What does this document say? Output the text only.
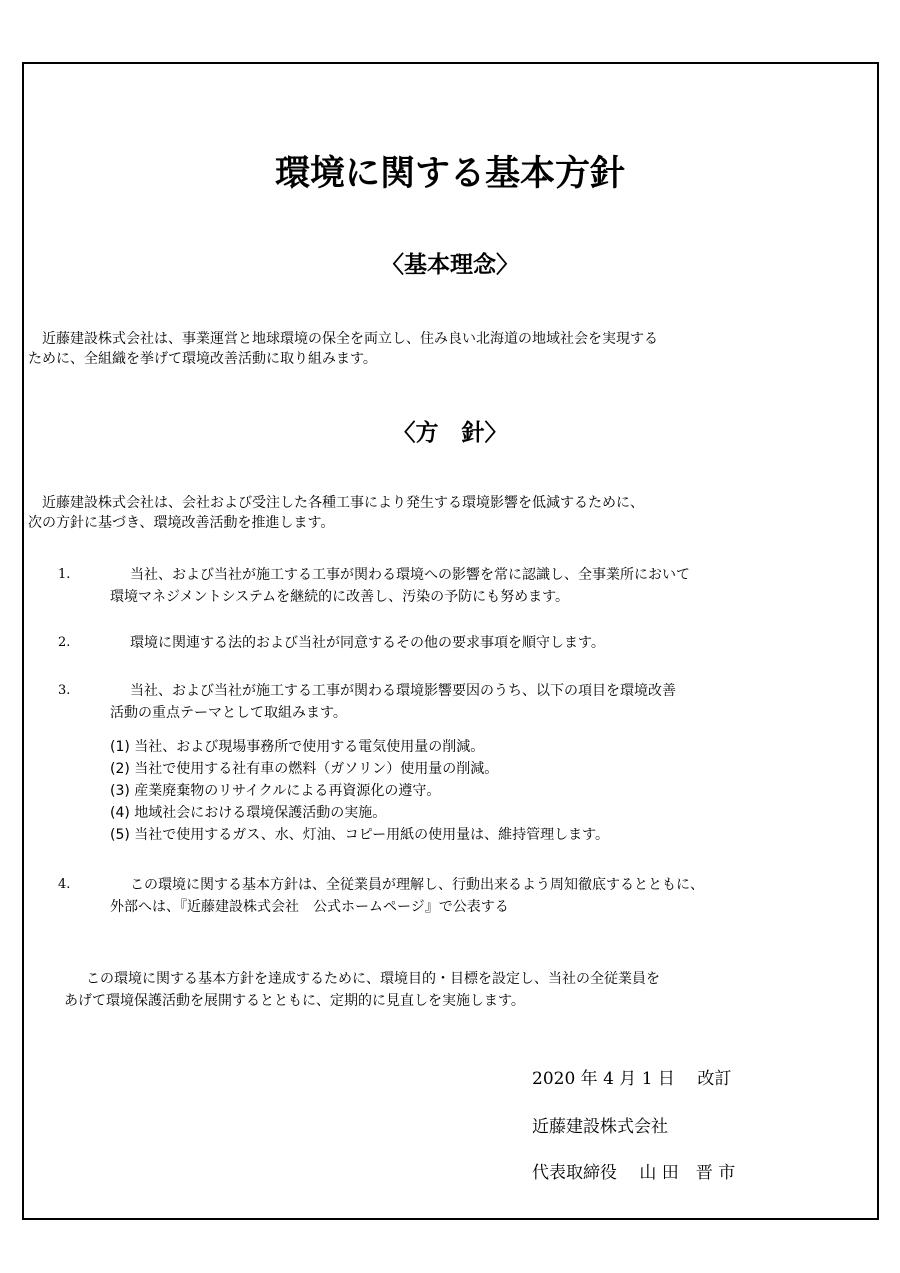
環境に関する基本方針
〈基本理念〉

近藤建設株式会社は、事業運営と地球環境の保全を両立し、住み良い北海道の地域社会を実現する

ために、全組織を挙げて環境改善活動に取り組みます。

〈方　針〉

近藤建設株式会社は、会社および受注した各種工事により発生する環境影響を低減するために、

次の方針に基づき、環境改善活動を推進します。

1.	当社、および当社が施工する工事が関わる環境への影響を常に認識し、全事業所において

環境マネジメントシステムを継続的に改善し、汚染の予防にも努めます。

2.	環境に関連する法的および当社が同意するその他の要求事項を順守します。

3.	当社、および当社が施工する工事が関わる環境影響要因のうち、以下の項目を環境改善

活動の重点テーマとして取組みます。

(1) 当社、および現場事務所で使用する電気使用量の削減。

(2) 当社で使用する社有車の燃料（ガソリン）使用量の削減。

(3) 産業廃棄物のリサイクルによる再資源化の遵守。

(4) 地域社会における環境保護活動の実施。

(5) 当社で使用するガス、水、灯油、コピー用紙の使用量は、維持管理します。

4.	この環境に関する基本方針は、全従業員が理解し、行動出来るよう周知徹底するとともに、

外部へは、『近藤建設株式会社　公式ホームページ』で公表する

この環境に関する基本方針を達成するために、環境目的・目標を設定し、当社の全従業員を

あげて環境保護活動を展開するとともに、定期的に見直しを実施します。

2020 年 4 月 1 日　 改訂

近藤建設株式会社

代表取締役　 山 田　晋 市
